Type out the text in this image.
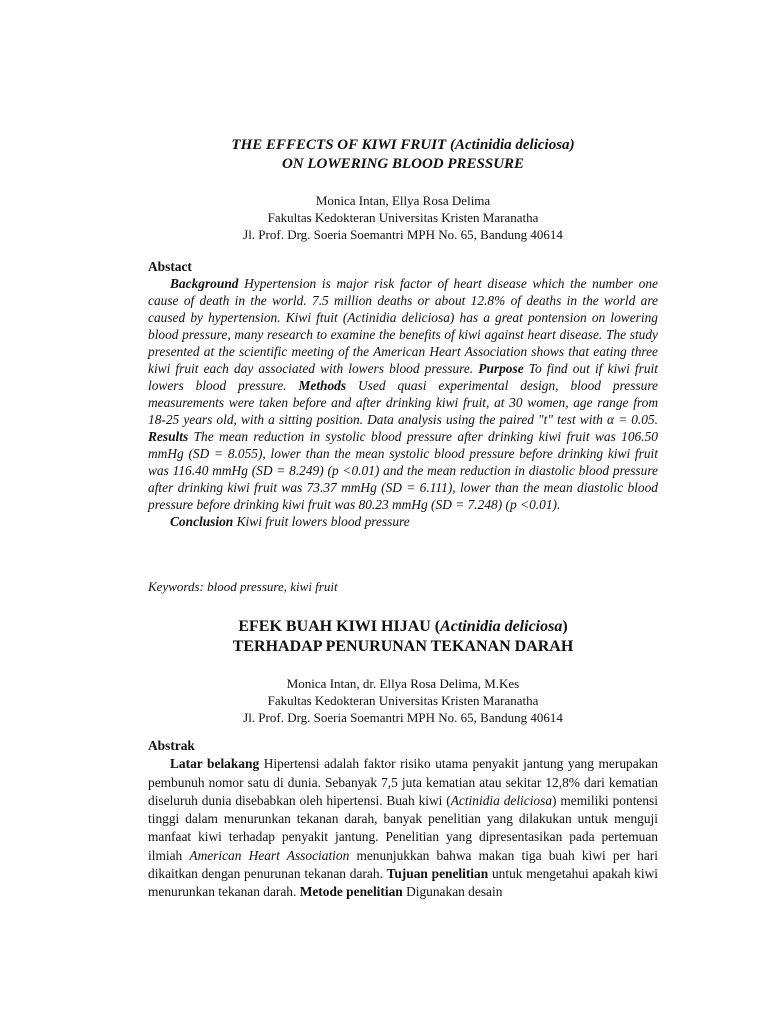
THE EFFECTS OF KIWI FRUIT (Actinidia deliciosa)
ON LOWERING BLOOD PRESSURE
Monica Intan, Ellya Rosa Delima
Fakultas Kedokteran Universitas Kristen Maranatha
Jl. Prof. Drg. Soeria Soemantri MPH No. 65, Bandung 40614
Abstact

Background Hypertension is major risk factor of heart disease which the number one cause of death in the world. 7.5 million deaths or about 12.8% of deaths in the world are caused by hypertension. Kiwi ftuit (Actinidia deliciosa) has a great pontension on lowering blood pressure, many research to examine the benefits of kiwi against heart disease. The study presented at the scientific meeting of the American Heart Association shows that eating three kiwi fruit each day associated with lowers blood pressure. Purpose To find out if kiwi fruit lowers blood pressure. Methods Used quasi experimental design, blood pressure measurements were taken before and after drinking kiwi fruit, at 30 women, age range from 18-25 years old, with a sitting position. Data analysis using the paired "t" test with α = 0.05. Results The mean reduction in systolic blood pressure after drinking kiwi fruit was 106.50 mmHg (SD = 8.055), lower than the mean systolic blood pressure before drinking kiwi fruit was 116.40 mmHg (SD = 8.249) (p <0.01) and the mean reduction in diastolic blood pressure after drinking kiwi fruit was 73.37 mmHg (SD = 6.111), lower than the mean diastolic blood pressure before drinking kiwi fruit was 80.23 mmHg (SD = 7.248) (p <0.01).

Conclusion Kiwi fruit lowers blood pressure

Keywords: blood pressure, kiwi fruit
EFEK BUAH KIWI HIJAU (Actinidia deliciosa)
TERHADAP PENURUNAN TEKANAN DARAH
Monica Intan, dr. Ellya Rosa Delima, M.Kes
Fakultas Kedokteran Universitas Kristen Maranatha
Jl. Prof. Drg. Soeria Soemantri MPH No. 65, Bandung 40614
Abstrak

Latar belakang Hipertensi adalah faktor risiko utama penyakit jantung yang merupakan pembunuh nomor satu di dunia. Sebanyak 7,5 juta kematian atau sekitar 12,8% dari kematian diseluruh dunia disebabkan oleh hipertensi. Buah kiwi (Actinidia deliciosa) memiliki pontensi tinggi dalam menurunkan tekanan darah, banyak penelitian yang dilakukan untuk menguji manfaat kiwi terhadap penyakit jantung. Penelitian yang dipresentasikan pada pertemuan ilmiah American Heart Association menunjukkan bahwa makan tiga buah kiwi per hari dikaitkan dengan penurunan tekanan darah. Tujuan penelitian untuk mengetahui apakah kiwi menurunkan tekanan darah. Metode penelitian Digunakan desain
